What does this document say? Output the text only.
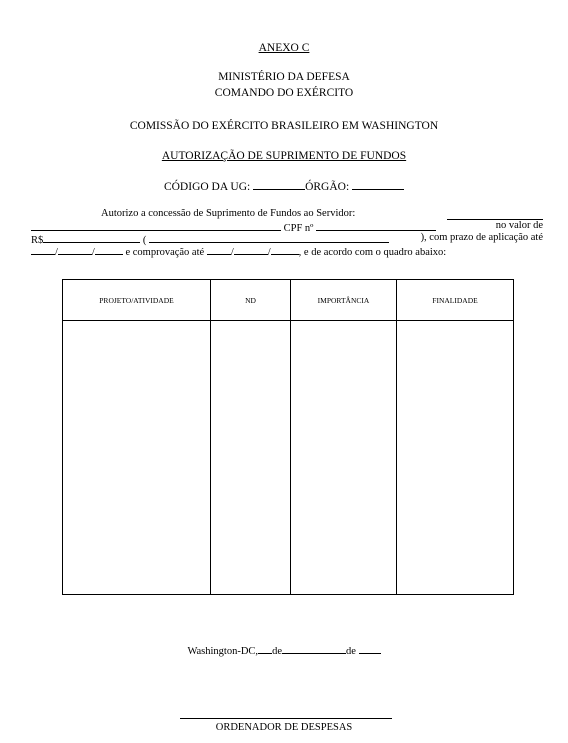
ANEXO C
MINISTÉRIO DA DEFESA
COMANDO DO EXÉRCITO
COMISSÃO DO EXÉRCITO BRASILEIRO EM WASHINGTON
AUTORIZAÇÃO DE SUPRIMENTO DE FUNDOS
CÓDIGO DA UG:	ÓRGÃO:
Autorizo a concessão de Suprimento de Fundos ao Servidor:
CPF nº	no valor de
R$	(	), com prazo de aplicação até
/	/	e comprovação até	/	/	, e de acordo com o quadro abaixo:
PROJETO/ATIVIDADE	ND	IMPORTÂNCIA	FINALIDADE

Washington-DC, de	de
ORDENADOR DE DESPESAS
